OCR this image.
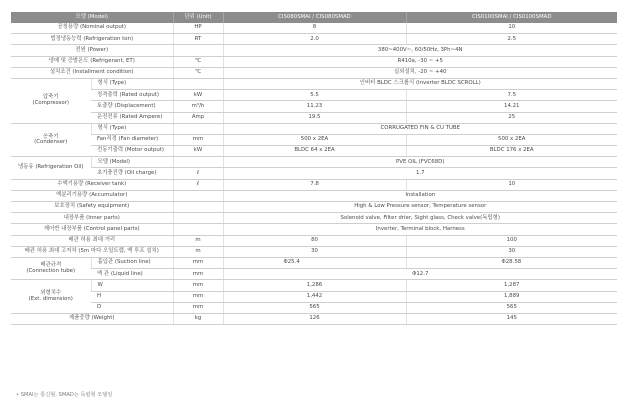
모델 (Model)		단위 (Unit)	CIS080SMAI / CIS080SMAD	CIS0100SMAI / CIS0100SMAD
공칭용량 (Nominal output)		HP	8	10
법정냉동능력 (Refrigeration ton)		RT	2.0	2.5
전원 (Power)			380~400V~, 60/50Hz, 3Ph~4N	
냉매 및 증발온도 (Refrigerant, ET)		℃	R410a, -30 ~ +5	
설치조건 (Installment condition)		℃	실외설치, -20 ~ +40	

압축기
(Compressor)	형식 (Type)		인버터 BLDC 스크롤식 (Inverter BLDC SCROLL)	
	정격출력 (Rated output)	kW	5.5	7.5
	토출량 (Displacement)	m³/h	11.23	14.21
	운전전류 (Rated Ampere)	Amp	19.5	25

응축기
(Condenser)	형식 (Type)		CORRUGATED FIN & CU TUBE	
	Fan직경 (Fan diameter)	mm	500 x 2EA	500 x 2EA
	전동기출력 (Motor output)	kW	BLDC 64 x 2EA	BLDC 176 x 2EA
냉동유 (Refrigeration Oil)	모델 (Model)		PVE OIL (FVC68D)	
	초기충진량 (Oil charge)	ℓ	1.7	
수액기용량 (Receiver tank)		ℓ	7.8	10
액분리기용량 (Accumulator)			Installation	
보호장치 (Safety equipment)			High & Low Pressure sensor, Temperature sensor	
내장부품 (Inner parts)			Solenoid valve, Filter drier, Sight glass, Check valve(독립형)	
제어반 내장부품 (Control panel parts)			Inverter, Terminal block, Harness	
배관 허용 최대 거리		m	80	100
배관 허용 최대 고저차 (5m 마다 오일트랩, 액 루프 설치)		m	30	30

배관규격
(Connection tube)	흡입관 (Suction line)	mm	Φ25.4	Φ28.58
	액 관 (Liquid line)	mm	Φ12.7	

외형치수
(Ext. dimension)	W	mm	1,286	1,287
	H	mm	1,442	1,889
	D	mm	565	565
제품중량 (Weight)		kg	126	145
• SMAI는 통신형, SMAD는 독립형 모델임
